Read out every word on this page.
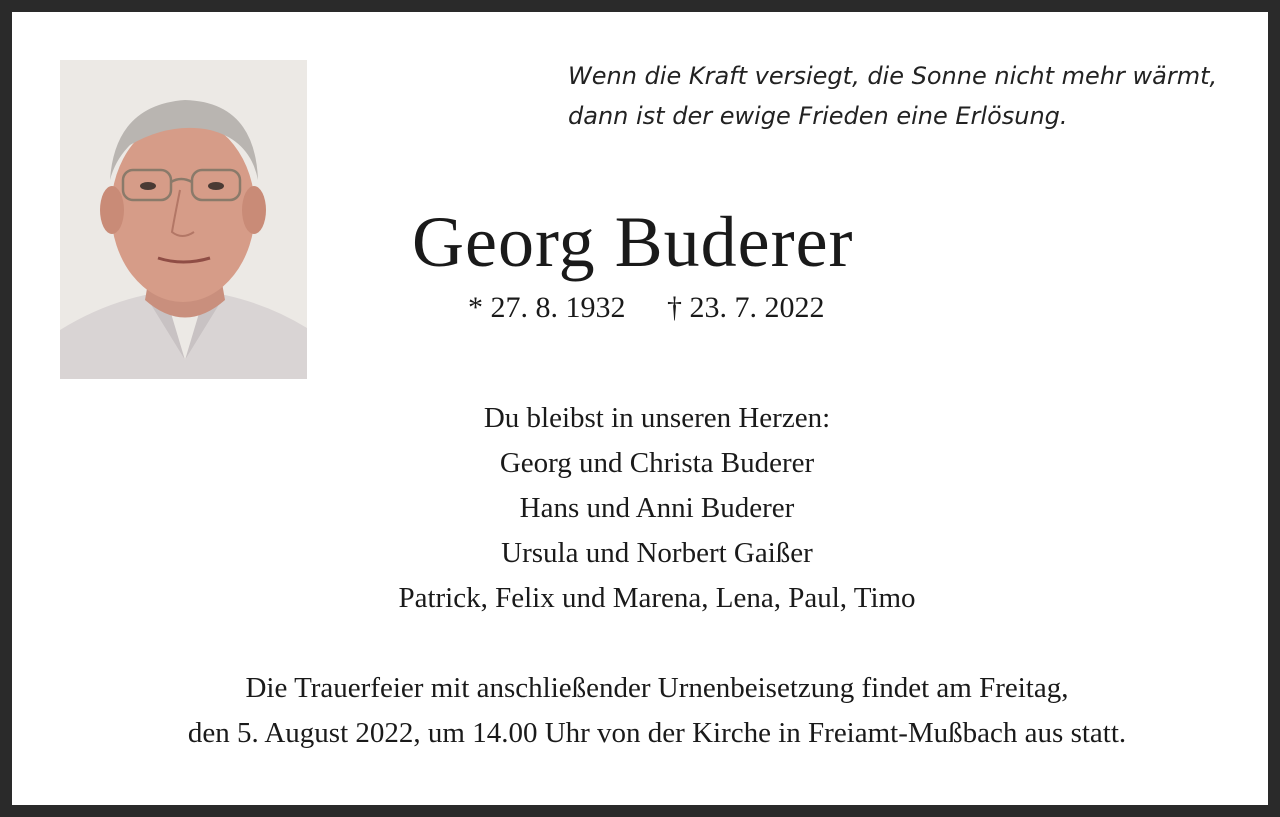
Wenn die Kraft versiegt, die Sonne nicht mehr wärmt,
dann ist der ewige Frieden eine Erlösung.
Georg Buderer
* 27. 8. 1932 † 23. 7. 2022
Du bleibst in unseren Herzen:
Georg und Christa Buderer
Hans und Anni Buderer
Ursula und Norbert Gaißer
Patrick, Felix und Marena, Lena, Paul, Timo
Die Trauerfeier mit anschließender Urnenbeisetzung findet am Freitag,
den 5. August 2022, um 14.00 Uhr von der Kirche in Freiamt-Mußbach aus statt.
